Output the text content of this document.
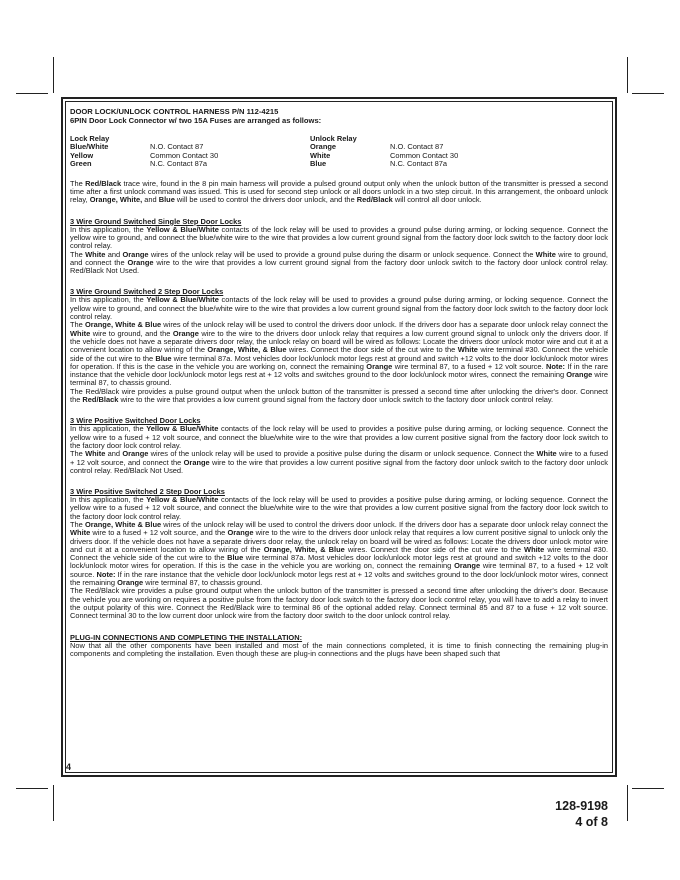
DOOR LOCK/UNLOCK CONTROL HARNESS P/N 112-4215
6PIN Door Lock Connector w/ two 15A Fuses are arranged as follows:
Lock Relay
Blue/White	N.O. Contact 87
Yellow	Common Contact 30
Green	N.C. Contact 87a
Unlock Relay
Orange	N.O. Contact 87
White	Common Contact 30
Blue	N.C. Contact 87a

The Red/Black trace wire, found in the 8 pin main harness will provide a pulsed ground output only when the unlock button of the transmitter is pressed a second time after a first unlock command was issued. This is used for second step unlock or all doors unlock in a two step circuit. In this arrangement, the onboard unlock relay, Orange, White, and Blue will be used to control the drivers door unlock, and the Red/Black will control all door unlock.

3 Wire Ground Switched Single Step Door Locks

In this application, the Yellow & Blue/White contacts of the lock relay will be used to provides a ground pulse during arming, or locking sequence. Connect the yellow wire to ground, and connect the blue/white wire to the wire that provides a low current ground signal from the factory door lock switch to the factory door lock control relay.

The White and Orange wires of the unlock relay will be used to provide a ground pulse during the disarm or unlock sequence. Connect the White wire to ground, and connect the Orange wire to the wire that provides a low current ground signal from the factory door unlock switch to the factory door unlock control relay. Red/Black Not Used.

3 Wire Ground Switched 2 Step Door Locks

In this application, the Yellow & Blue/White contacts of the lock relay will be used to provides a ground pulse during arming, or locking sequence. Connect the yellow wire to ground, and connect the blue/white wire to the wire that provides a low current ground signal from the factory door lock switch to the factory door lock control relay.

The Orange, White & Blue wires of the unlock relay will be used to control the drivers door unlock. If the drivers door has a separate door unlock relay connect the White wire to ground, and the Orange wire to the wire to the drivers door unlock relay that requires a low current ground signal to unlock only the drivers door. If the vehicle does not have a separate drivers door relay, the unlock relay on board will be wired as follows: Locate the drivers door unlock motor wire and cut it at a convenient location to allow wiring of the Orange, White, & Blue wires. Connect the door side of the cut wire to the White wire terminal #30. Connect the vehicle side of the cut wire to the Blue wire terminal 87a. Most vehicles door lock/unlock motor legs rest at ground and switch +12 volts to the door lock/unlock motor wires for operation. If this is the case in the vehicle you are working on, connect the remaining Orange wire terminal 87, to a fused + 12 volt source. Note: If in the rare instance that the vehicle door lock/unlock motor legs rest at + 12 volts and switches ground to the door lock/unlock motor wires, connect the remaining Orange wire terminal 87, to chassis ground.

The Red/Black wire provides a pulse ground output when the unlock button of the transmitter is pressed a second time after unlocking the driver's door. Connect the Red/Black wire to the wire that provides a low current ground signal from the factory door unlock switch to the factory door unlock control relay.

3 Wire Positive Switched Door Locks

In this application, the Yellow & Blue/White contacts of the lock relay will be used to provides a positive pulse during arming, or locking sequence. Connect the yellow wire to a fused + 12 volt source, and connect the blue/white wire to the wire that provides a low current positive signal from the factory door lock switch to the factory door lock control relay.

The White and Orange wires of the unlock relay will be used to provide a positive pulse during the disarm or unlock sequence. Connect the White wire to a fused + 12 volt source, and connect the Orange wire to the wire that provides a low current positive signal from the factory door unlock switch to the factory door unlock control relay. Red/Black Not Used.

3 Wire Positive Switched 2 Step Door Locks

In this application, the Yellow & Blue/White contacts of the lock relay will be used to provides a positive pulse during arming, or locking sequence. Connect the yellow wire to a fused + 12 volt source, and connect the blue/white wire to the wire that provides a low current positive signal from the factory door lock switch to the factory door lock control relay.

The Orange, White & Blue wires of the unlock relay will be used to control the drivers door unlock. If the drivers door has a separate door unlock relay connect the White wire to a fused + 12 volt source, and the Orange wire to the wire to the drivers door unlock relay that requires a low current positive signal to unlock only the drivers door. If the vehicle does not have a separate drivers door relay, the unlock relay on board will be wired as follows: Locate the drivers door unlock motor wire and cut it at a convenient location to allow wiring of the Orange, White, & Blue wires. Connect the door side of the cut wire to the White wire terminal #30. Connect the vehicle side of the cut wire to the Blue wire terminal 87a. Most vehicles door lock/unlock motor legs rest at ground and switch +12 volts to the door lock/unlock motor wires for operation. If this is the case in the vehicle you are working on, connect the remaining Orange wire terminal 87, to a fused + 12 volt source. Note: If in the rare instance that the vehicle door lock/unlock motor legs rest at + 12 volts and switches ground to the door lock/unlock motor wires, connect the remaining Orange wire terminal 87, to chassis ground.

The Red/Black wire provides a pulse ground output when the unlock button of the transmitter is pressed a second time after unlocking the driver's door. Because the vehicle you are working on requires a positive pulse from the factory door lock switch to the factory door lock control relay, you will have to add a relay to invert the output polarity of this wire. Connect the Red/Black wire to terminal 86 of the optional added relay. Connect terminal 85 and 87 to a fuse + 12 volt source. Connect terminal 30 to the low current door unlock wire from the factory door switch to the door unlock control relay.

PLUG-IN CONNECTIONS AND COMPLETING THE INSTALLATION:

Now that all the other components have been installed and most of the main connections completed, it is time to finish connecting the remaining plug-in components and completing the installation. Even though these are plug-in connections and the plugs have been shaped such that

4
128-9198
4 of 8
